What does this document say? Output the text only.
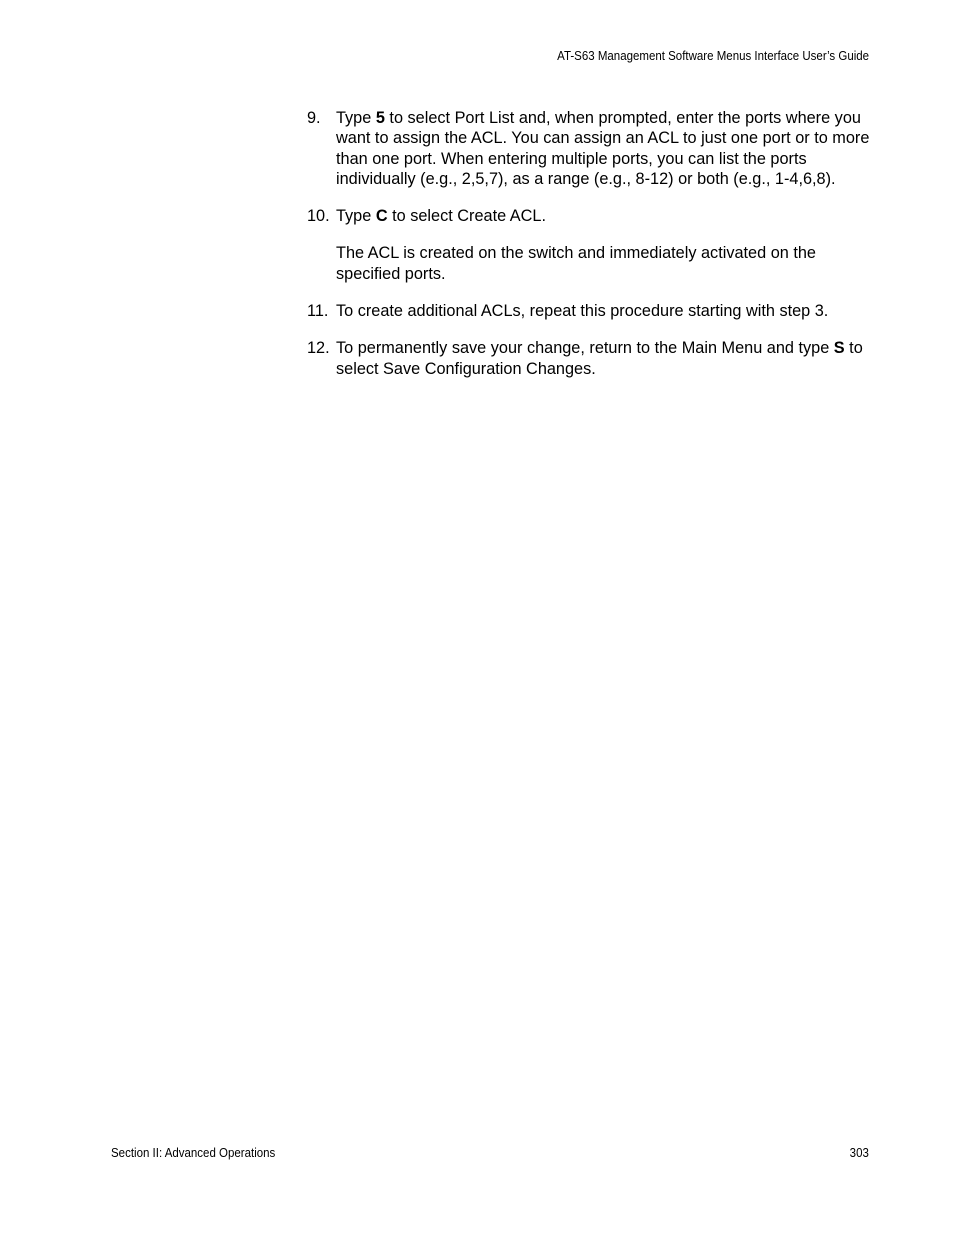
AT-S63 Management Software Menus Interface User’s Guide
9. Type 5 to select Port List and, when prompted, enter the ports where you want to assign the ACL. You can assign an ACL to just one port or to more than one port. When entering multiple ports, you can list the ports individually (e.g., 2,5,7), as a range (e.g., 8-12) or both (e.g., 1-4,6,8).

10. Type C to select Create ACL.

The ACL is created on the switch and immediately activated on the specified ports.

11. To create additional ACLs, repeat this procedure starting with step 3.

12. To permanently save your change, return to the Main Menu and type S to select Save Configuration Changes.

Section II: Advanced Operations	303
